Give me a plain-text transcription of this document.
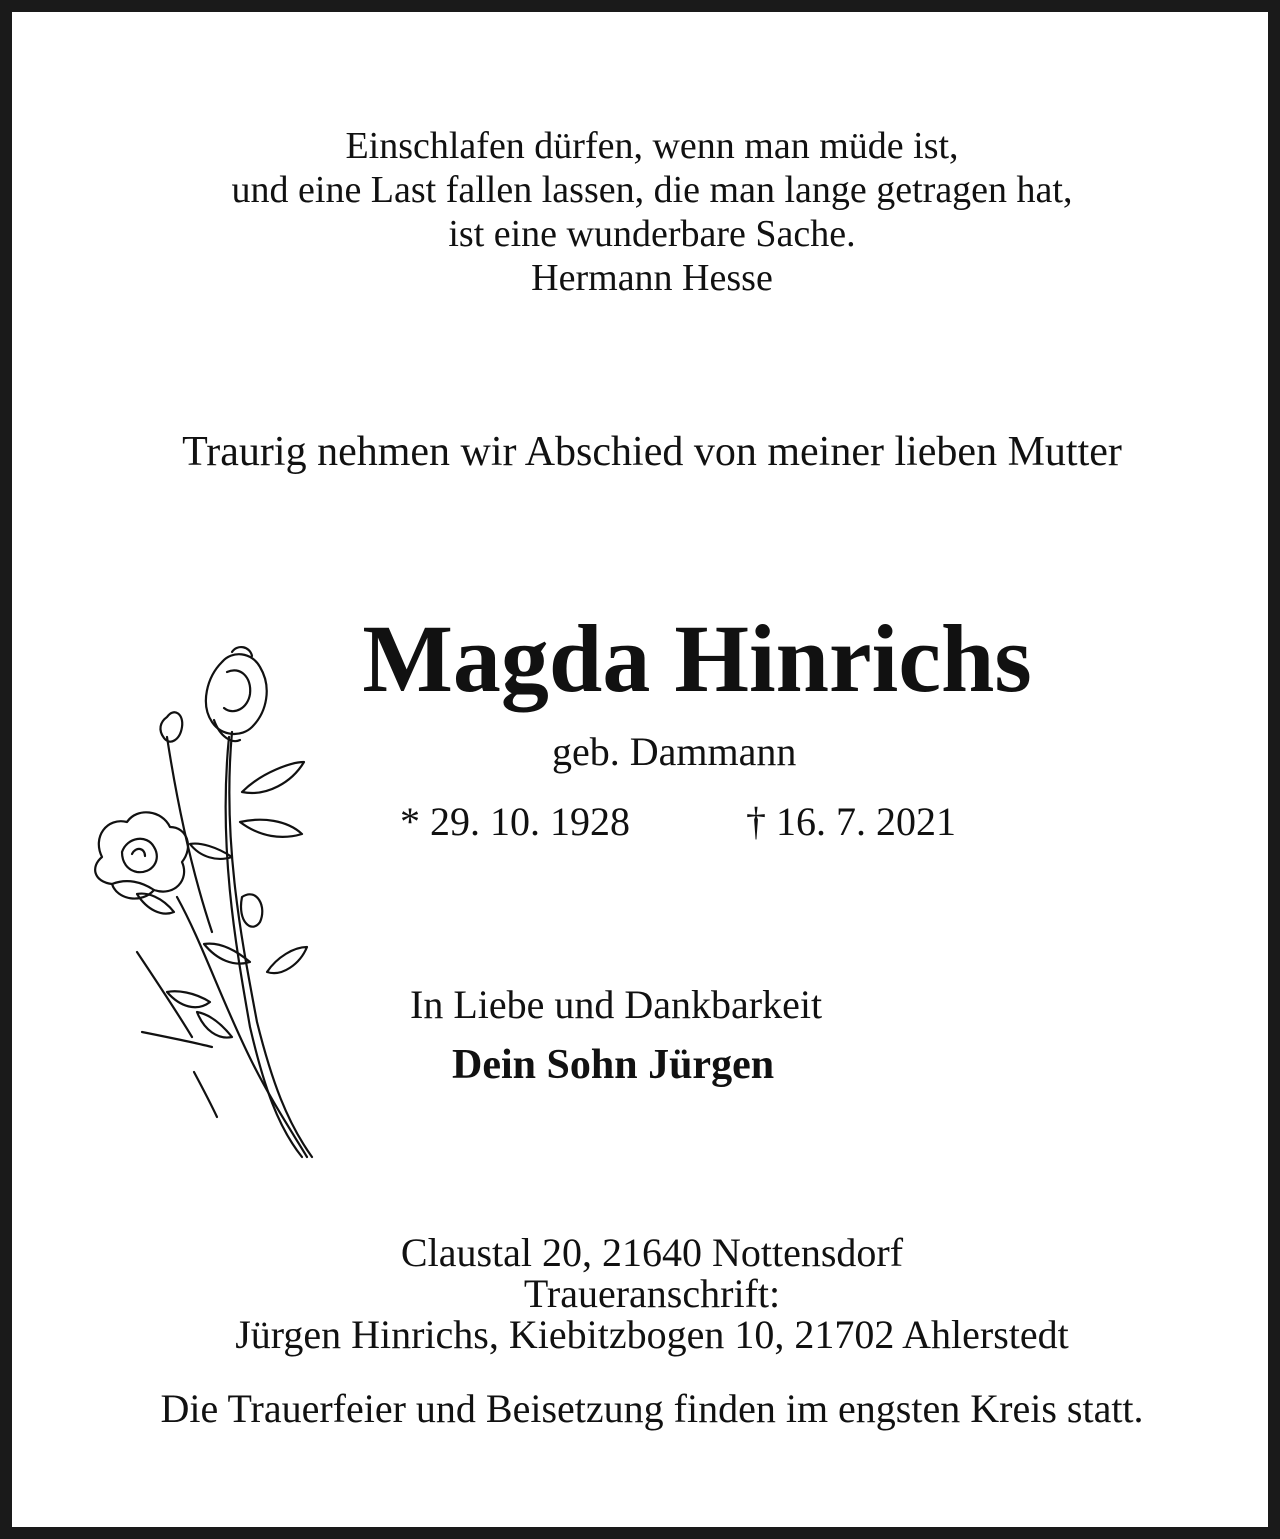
Einschlafen dürfen, wenn man müde ist,
und eine Last fallen lassen, die man lange getragen hat,
ist eine wunderbare Sache.
Hermann Hesse
Traurig nehmen wir Abschied von meiner lieben Mutter
Magda Hinrichs
geb. Dammann
* 29. 10. 1928	† 16. 7. 2021
In Liebe und Dankbarkeit
Dein Sohn Jürgen
Claustal 20, 21640 Nottensdorf
Traueranschrift:
Jürgen Hinrichs, Kiebitzbogen 10, 21702 Ahlerstedt
Die Trauerfeier und Beisetzung finden im engsten Kreis statt.
